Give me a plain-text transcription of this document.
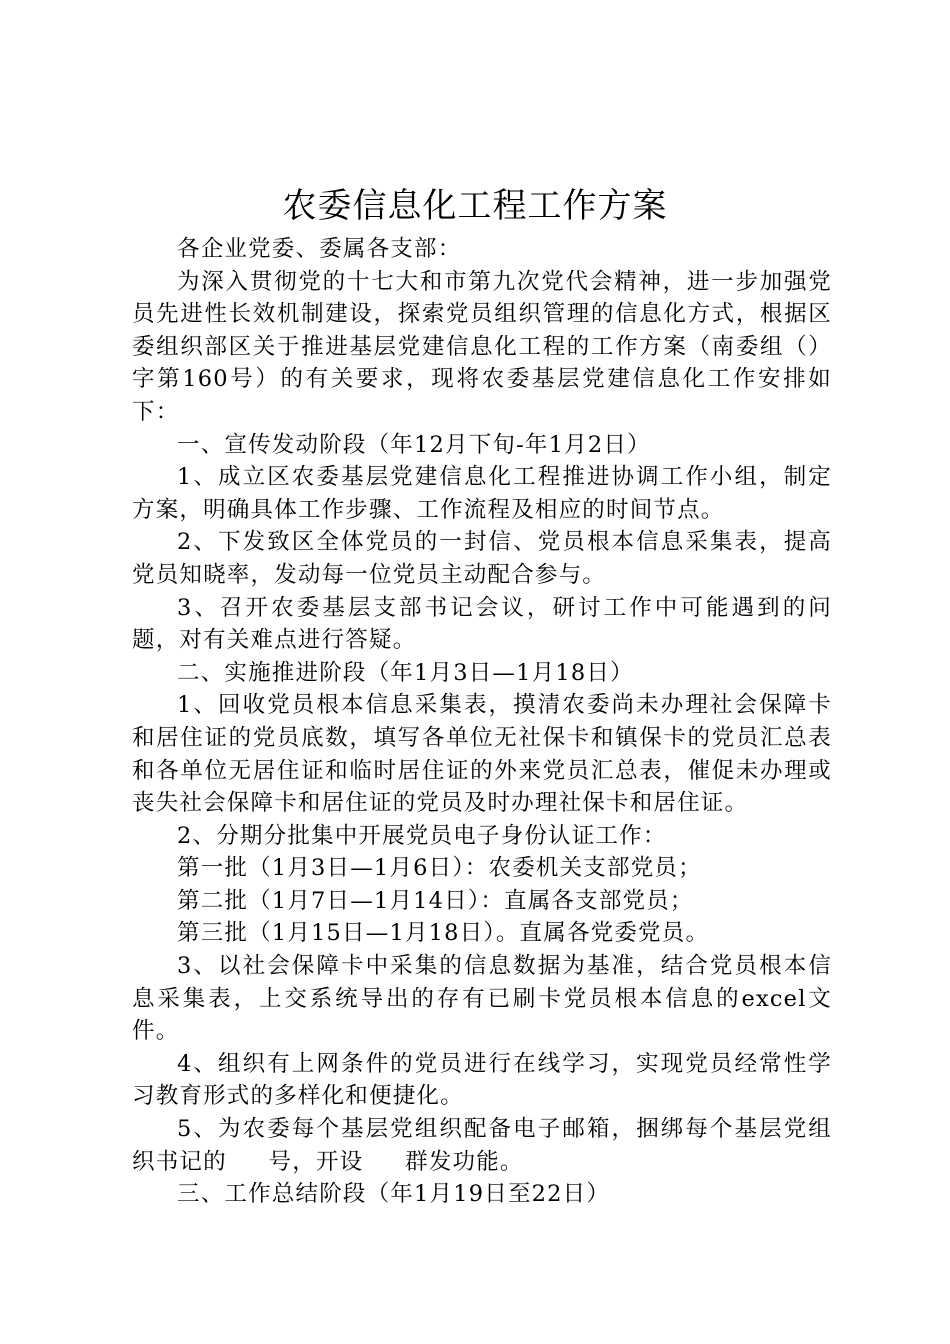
农委信息化工程工作方案

各企业党委、委属各支部：

为深入贯彻党的十七大和市第九次党代会精神，进一步加强党员先进性长效机制建设，探索党员组织管理的信息化方式，根据区委组织部区关于推进基层党建信息化工程的工作方案（南委组（）字第160号）的有关要求，现将农委基层党建信息化工作安排如下：

一、宣传发动阶段（年12月下旬-年1月2日）

1、成立区农委基层党建信息化工程推进协调工作小组，制定方案，明确具体工作步骤、工作流程及相应的时间节点。

2、下发致区全体党员的一封信、党员根本信息采集表，提高党员知晓率，发动每一位党员主动配合参与。

3、召开农委基层支部书记会议，研讨工作中可能遇到的问题，对有关难点进行答疑。

二、实施推进阶段（年1月3日—1月18日）

1、回收党员根本信息采集表，摸清农委尚未办理社会保障卡和居住证的党员底数，填写各单位无社保卡和镇保卡的党员汇总表和各单位无居住证和临时居住证的外来党员汇总表，催促未办理或丧失社会保障卡和居住证的党员及时办理社保卡和居住证。

2、分期分批集中开展党员电子身份认证工作：

第一批（1月3日—1月6日）：农委机关支部党员；

第二批（1月7日—1月14日）：直属各支部党员；

第三批（1月15日—1月18日）。直属各党委党员。

3、以社会保障卡中采集的信息数据为基准，结合党员根本信息采集表，上交系统导出的存有已刷卡党员根本信息的excel文件。

4、组织有上网条件的党员进行在线学习，实现党员经常性学习教育形式的多样化和便捷化。

5、为农委每个基层党组织配备电子邮箱，捆绑每个基层党组织书记的     号，开设     群发功能。

三、工作总结阶段（年1月19日至22日）
